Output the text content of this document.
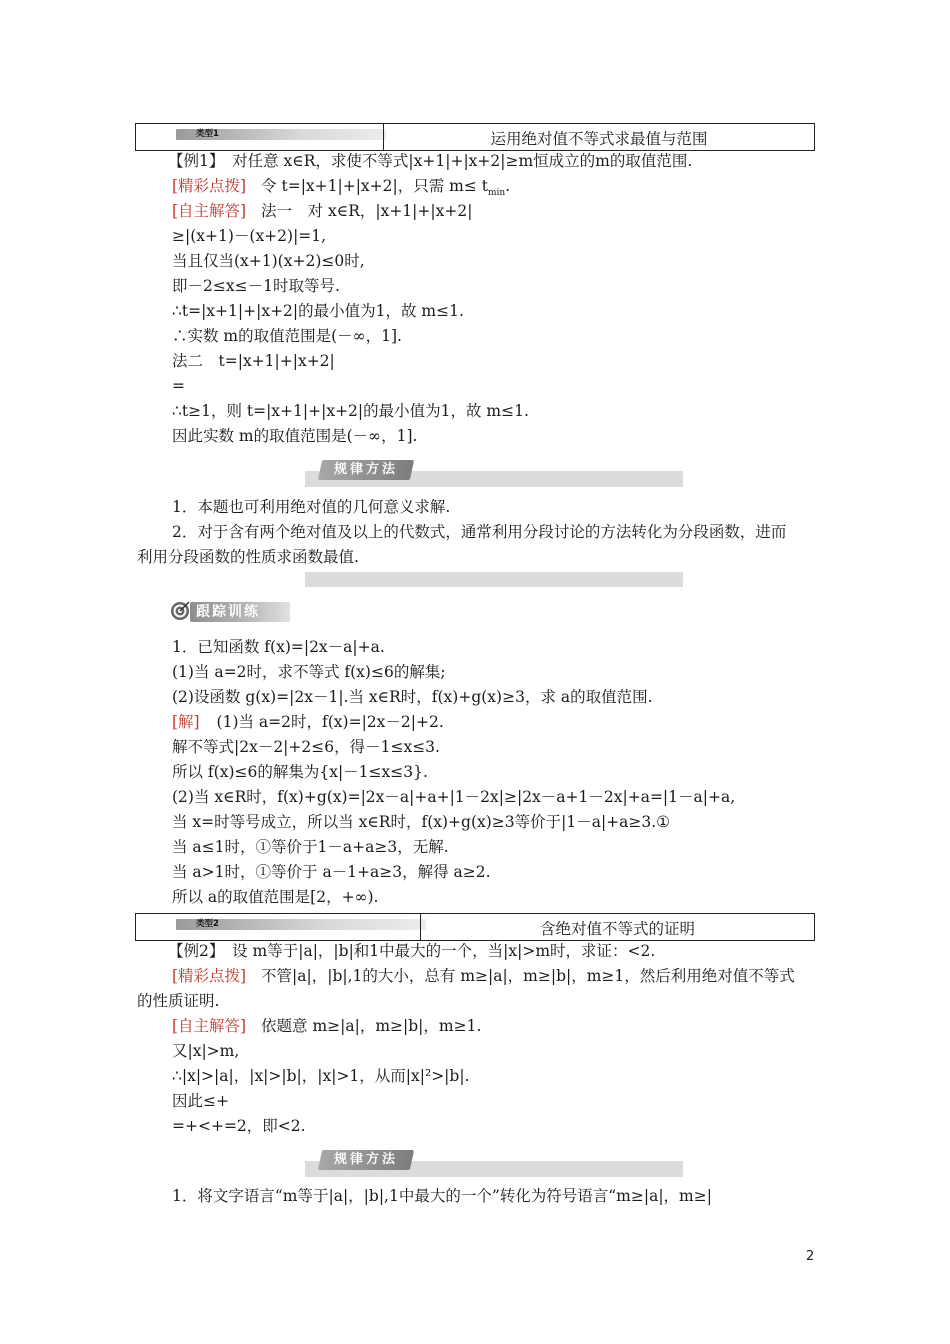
类型1	运用绝对值不等式求最值与范围
【例1】　对任意 x∈R，求使不等式|x+1|+|x+2|≥m恒成立的m的取值范围.
[精彩点拨] 令 t=|x+1|+|x+2|，只需 $m\le t_{min}$.
[自主解答] 法一　对 x∈R，|x+1|+|x+2|
≥|(x+1)－(x+2)|=1,
当且仅当(x+1)(x+2)≤0时,
即－2≤x≤－1时取等号.
∴t=|x+1|+|x+2|的最小值为1，故 m≤1.
∴实数 m的取值范围是(－∞，1].
法二　t=|x+1|+|x+2|
=
∴t≥1，则 t=|x+1|+|x+2|的最小值为1，故 m≤1.
因此实数 m的取值范围是(－∞，1].
规律方法
1．本题也可利用绝对值的几何意义求解.
2．对于含有两个绝对值及以上的代数式，通常利用分段讨论的方法转化为分段函数，进而
利用分段函数的性质求函数最值.
跟踪训练
1．已知函数 f(x)=|2x－a|+a.
(1)当 a=2时，求不等式 f(x)≤6的解集;
(2)设函数 g(x)=|2x－1|.当 x∈R时，f(x)+g(x)≥3，求 a的取值范围.
[解] (1)当 a=2时，f(x)=|2x－2|+2.
解不等式|2x－2|+2≤6，得－1≤x≤3.
所以 f(x)≤6的解集为{x|－1≤x≤3}.
(2)当 x∈R时，f(x)+g(x)=|2x－a|+a+|1－2x|≥|2x－a+1－2x|+a=|1－a|+a,
当 x=时等号成立，所以当 x∈R时，f(x)+g(x)≥3等价于|1－a|+a≥3.①
当 a≤1时，①等价于1－a+a≥3，无解.
当 a>1时，①等价于 a－1+a≥3，解得 a≥2.
所以 a的取值范围是[2，+∞).
类型2	含绝对值不等式的证明
【例2】　设 m等于|a|，|b|和1中最大的一个，当|x|>m时，求证：<2.
[精彩点拨] 不管|a|，|b|,1的大小，总有 m≥|a|，m≥|b|，m≥1，然后利用绝对值不等式
的性质证明.
[自主解答] 依题意 m≥|a|，m≥|b|，m≥1.
又|x|>m,
∴|x|>|a|，|x|>|b|，|x|>1，从而|x|²>|b|.
因此≤+
=+<+=2，即<2.
规律方法
1．将文字语言“m等于|a|，|b|,1中最大的一个”转化为符号语言“m≥|a|，m≥|
2
